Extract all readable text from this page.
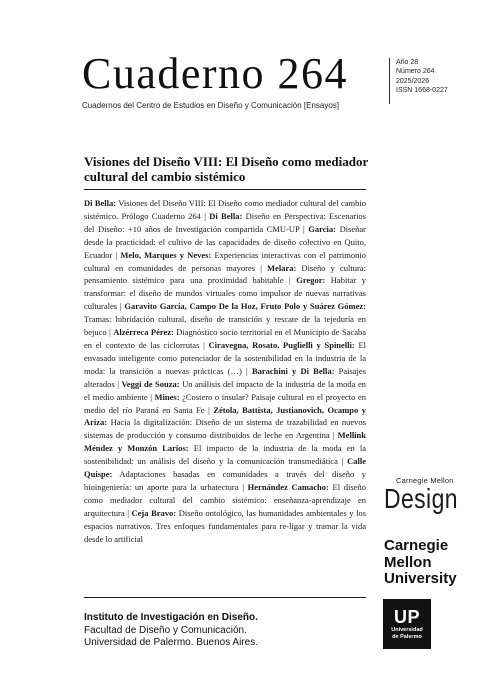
Cuaderno 264
Cuadernos del Centro de Estudios en Diseño y Comunicación [Ensayos]
Año 28
Número 264
2025/2026
ISSN 1668-0227
Visiones del Diseño VIII: El Diseño como mediador cultural del cambio sistémico

Di Bella: Visiones del Diseño VIII: El Diseño como mediador cultural del cambio sistémico. Prólogo Cuaderno 264 | Di Bella: Diseño en Perspectiva: Escenarios del Diseño: +10 años de Investigación compartida CMU-UP | Garcia: Diseñar desde la practicidad: el cultivo de las capacidades de diseño colectivo en Quito, Ecuador | Melo, Marques y Neves: Experiencias interactivas con el patrimonio cultural en comunidades de personas mayores | Melara: Diseño y cultura: pensamiento sistémico para una proximidad habitable | Gregor: Habitar y transformar: el diseño de mundos virtuales como impulsor de nuevas narrativas culturales | Garavito García, Campo De la Hoz, Fruto Polo y Suárez Gómez: Tramas: hibridación cultural, diseño de transición y rescate de la tejeduría en bejuco | Alzérreca Pérez: Diagnóstico socio territorial en el Municipio de Sacaba en el contexto de las ciclorrutas | Ciravegna, Rosato, Puglielli y Spinelli: El envasado inteligente como potenciador de la sostenibilidad en la industria de la moda: la transición a nuevas prácticas (…) | Barachini y Di Bella: Paisajes alterados | Veggi de Souza: Un análisis del impacto de la industria de la moda en el medio ambiente | Mines: ¿Costero o insular? Paisaje cultural en el proyecto en medio del río Paraná en Santa Fe | Zétola, Battista, Justianovich, Ocampo y Ariza: Hacia la digitalización: Diseño de un sistema de trazabilidad en nuevos sistemas de producción y consumo distribuidos de leche en Argentina | Mellink Méndez y Monzón Larios: El impacto de la industria de la moda en la sostenibilidad: un análisis del diseño y la comunicación transmediática | Calle Quispe: Adaptaciones basadas en comunidades a través del diseño y bioingeniería: un aporte para la urbatectura | Hernández Camacho: El diseño como mediador cultural del cambio sistémico: enseñanza-aprendizaje en arquitectura | Ceja Bravo: Diseño ontológico, las humanidades ambientales y los espacios narrativos. Tres enfoques fundamentales para re-ligar y tramar la vida desde lo artificial

Instituto de Investigación en Diseño.
Facultad de Diseño y Comunicación.
Universidad de Palermo. Buenos Aires.
Carnegie Mellon
Design
Carnegie
Mellon
University
UP
Universidad
de Palermo
